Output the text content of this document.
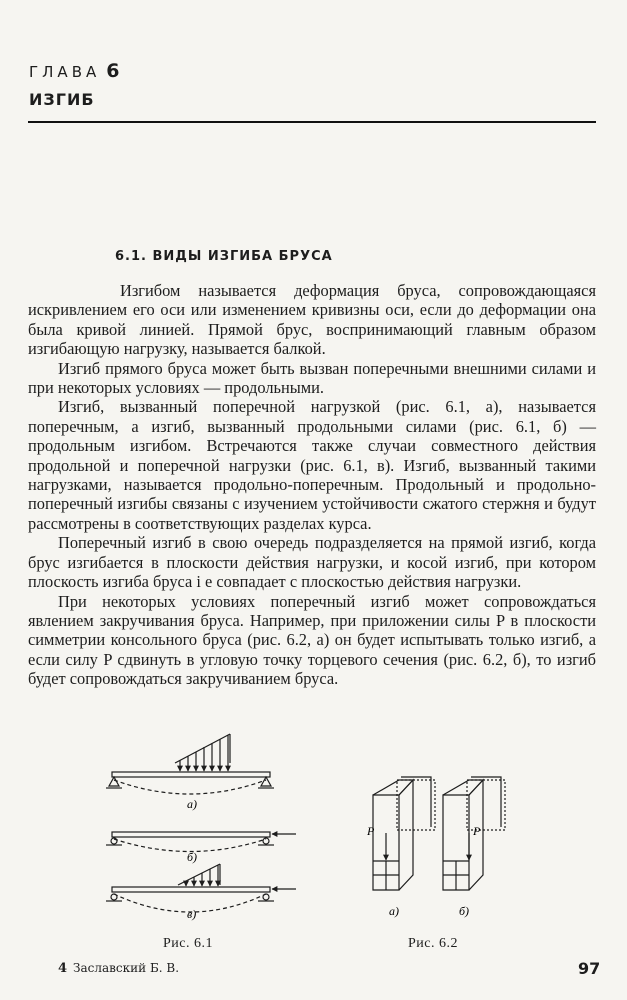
ГЛАВА 6
ИЗГИБ
6.1. ВИДЫ ИЗГИБА БРУСА

Изгибом называется деформация бруса, сопровождающаяся искривлением его оси или изменением кривизны оси, если до деформации она была кривой линией. Прямой брус, воспринимающий главным образом изгибающую нагрузку, называется балкой.

Изгиб прямого бруса может быть вызван поперечными внешними силами и при некоторых условиях — продольными.

Изгиб, вызванный поперечной нагрузкой (рис. 6.1, а), называется поперечным, а изгиб, вызванный продольными силами (рис. 6.1, б) — продольным изгибом. Встречаются также случаи совместного действия продольной и поперечной нагрузки (рис. 6.1, в). Изгиб, вызванный такими нагрузками, называется продольно-поперечным. Продольный и продольно-поперечный изгибы связаны с изучением устойчивости сжатого стержня и будут рассмотрены в соответствующих разделах курса.

Поперечный изгиб в свою очередь подразделяется на прямой изгиб, когда брус изгибается в плоскости действия нагрузки, и косой изгиб, при котором плоскость изгиба бруса і е совпадает с плоскостью действия нагрузки.

При некоторых условиях поперечный изгиб может сопровождаться явлением закручивания бруса. Например, при приложении силы P в плоскости симметрии консольного бруса (рис. 6.2, а) он будет испытывать только изгиб, а если силу P сдвинуть в угловую точку торцевого сечения (рис. 6.2, б), то изгиб будет сопровождаться закручиванием бруса.

а)
б)
в)
Рис. 6.1
P
а)
P
б)
Рис. 6.2
4 Заславский Б. В.	97
